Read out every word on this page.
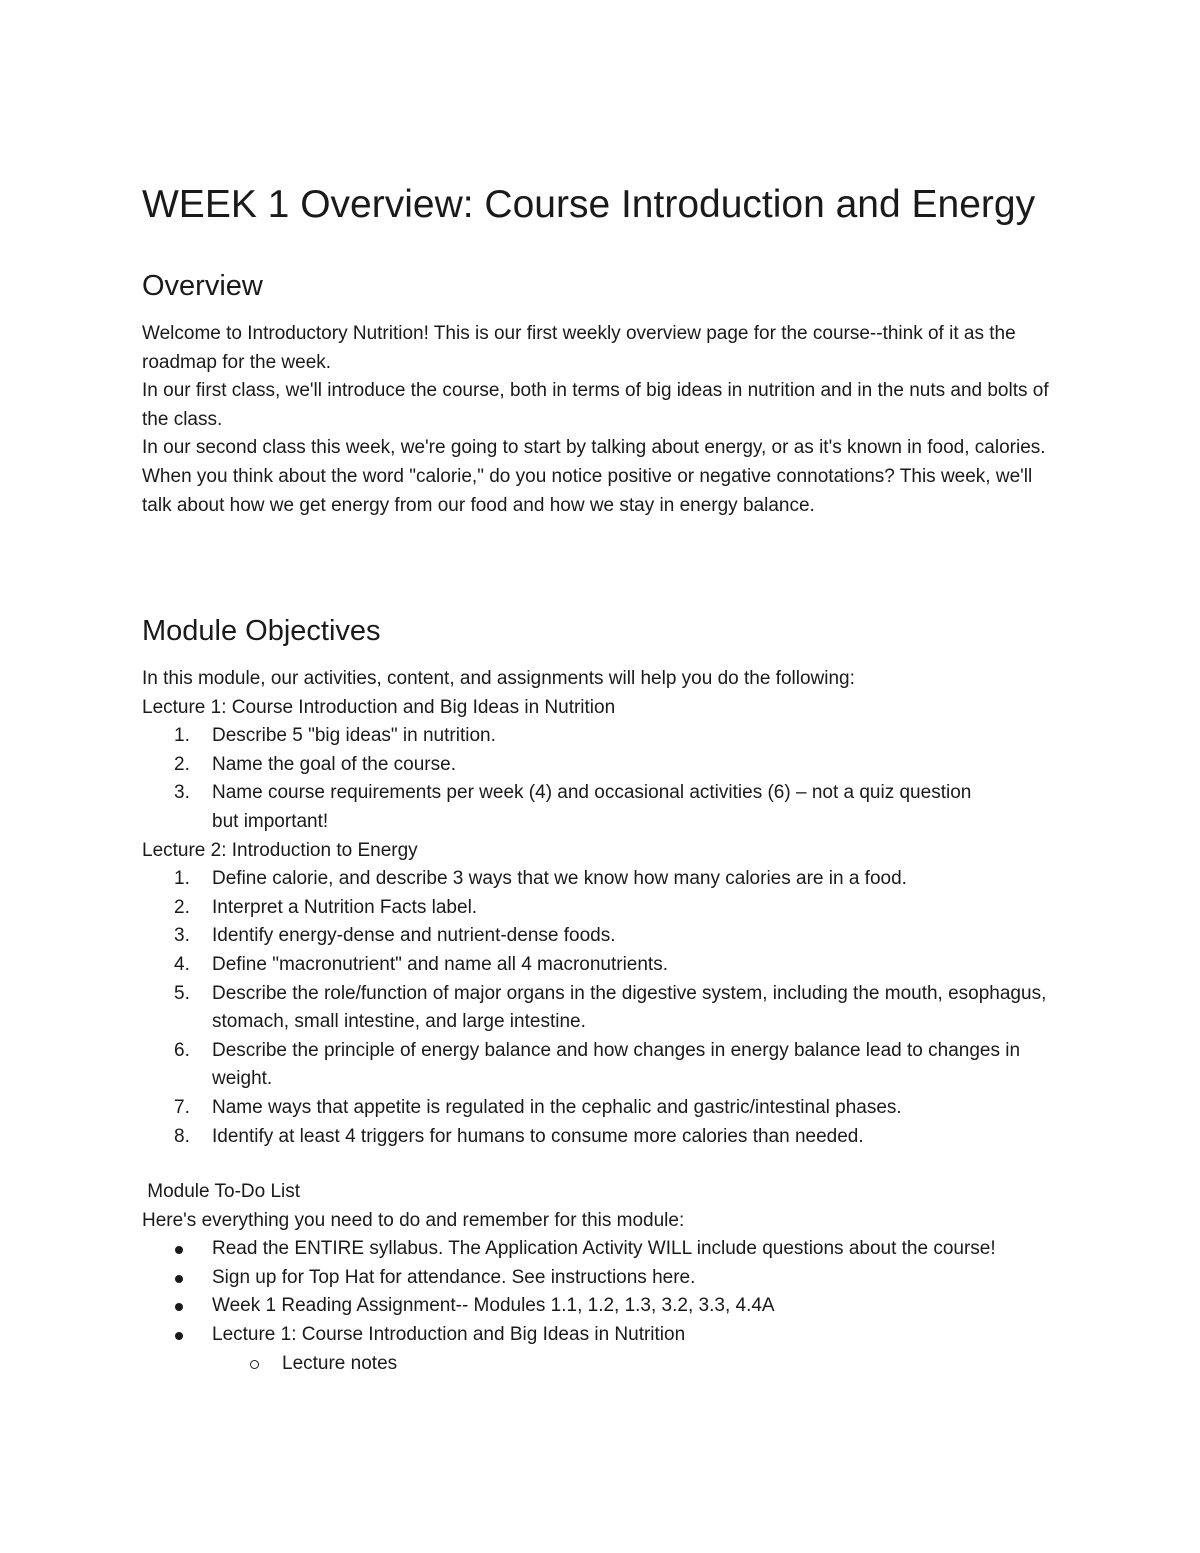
WEEK 1 Overview: Course Introduction and Energy
Overview

Welcome to Introductory Nutrition! This is our first weekly overview page for the course--think of it as the roadmap for the week.

In our first class, we'll introduce the course, both in terms of big ideas in nutrition and in the nuts and bolts of the class.

In our second class this week, we're going to start by talking about energy, or as it's known in food, calories. When you think about the word "calorie," do you notice positive or negative connotations? This week, we'll talk about how we get energy from our food and how we stay in energy balance.

Module Objectives

In this module, our activities, content, and assignments will help you do the following:

Lecture 1: Course Introduction and Big Ideas in Nutrition

1.	Describe 5 "big ideas" in nutrition.
2.	Name the goal of the course.
3.	Name course requirements per week (4) and occasional activities (6) – not a quiz question but important!

Lecture 2: Introduction to Energy

1.	Define calorie, and describe 3 ways that we know how many calories are in a food.
2.	Interpret a Nutrition Facts label.
3.	Identify energy-dense and nutrient-dense foods.
4.	Define "macronutrient" and name all 4 macronutrients.
5.	Describe the role/function of major organs in the digestive system, including the mouth, esophagus, stomach, small intestine, and large intestine.
6.	Describe the principle of energy balance and how changes in energy balance lead to changes in weight.
7.	Name ways that appetite is regulated in the cephalic and gastric/intestinal phases.
8.	Identify at least 4 triggers for humans to consume more calories than needed.

Module To-Do List

Here's everything you need to do and remember for this module:

Read the ENTIRE syllabus. The Application Activity WILL include questions about the course!
Sign up for Top Hat for attendance. See instructions here.
Week 1 Reading Assignment-- Modules 1.1, 1.2, 1.3, 3.2, 3.3, 4.4A
Lecture 1: Course Introduction and Big Ideas in Nutrition
Lecture notes
